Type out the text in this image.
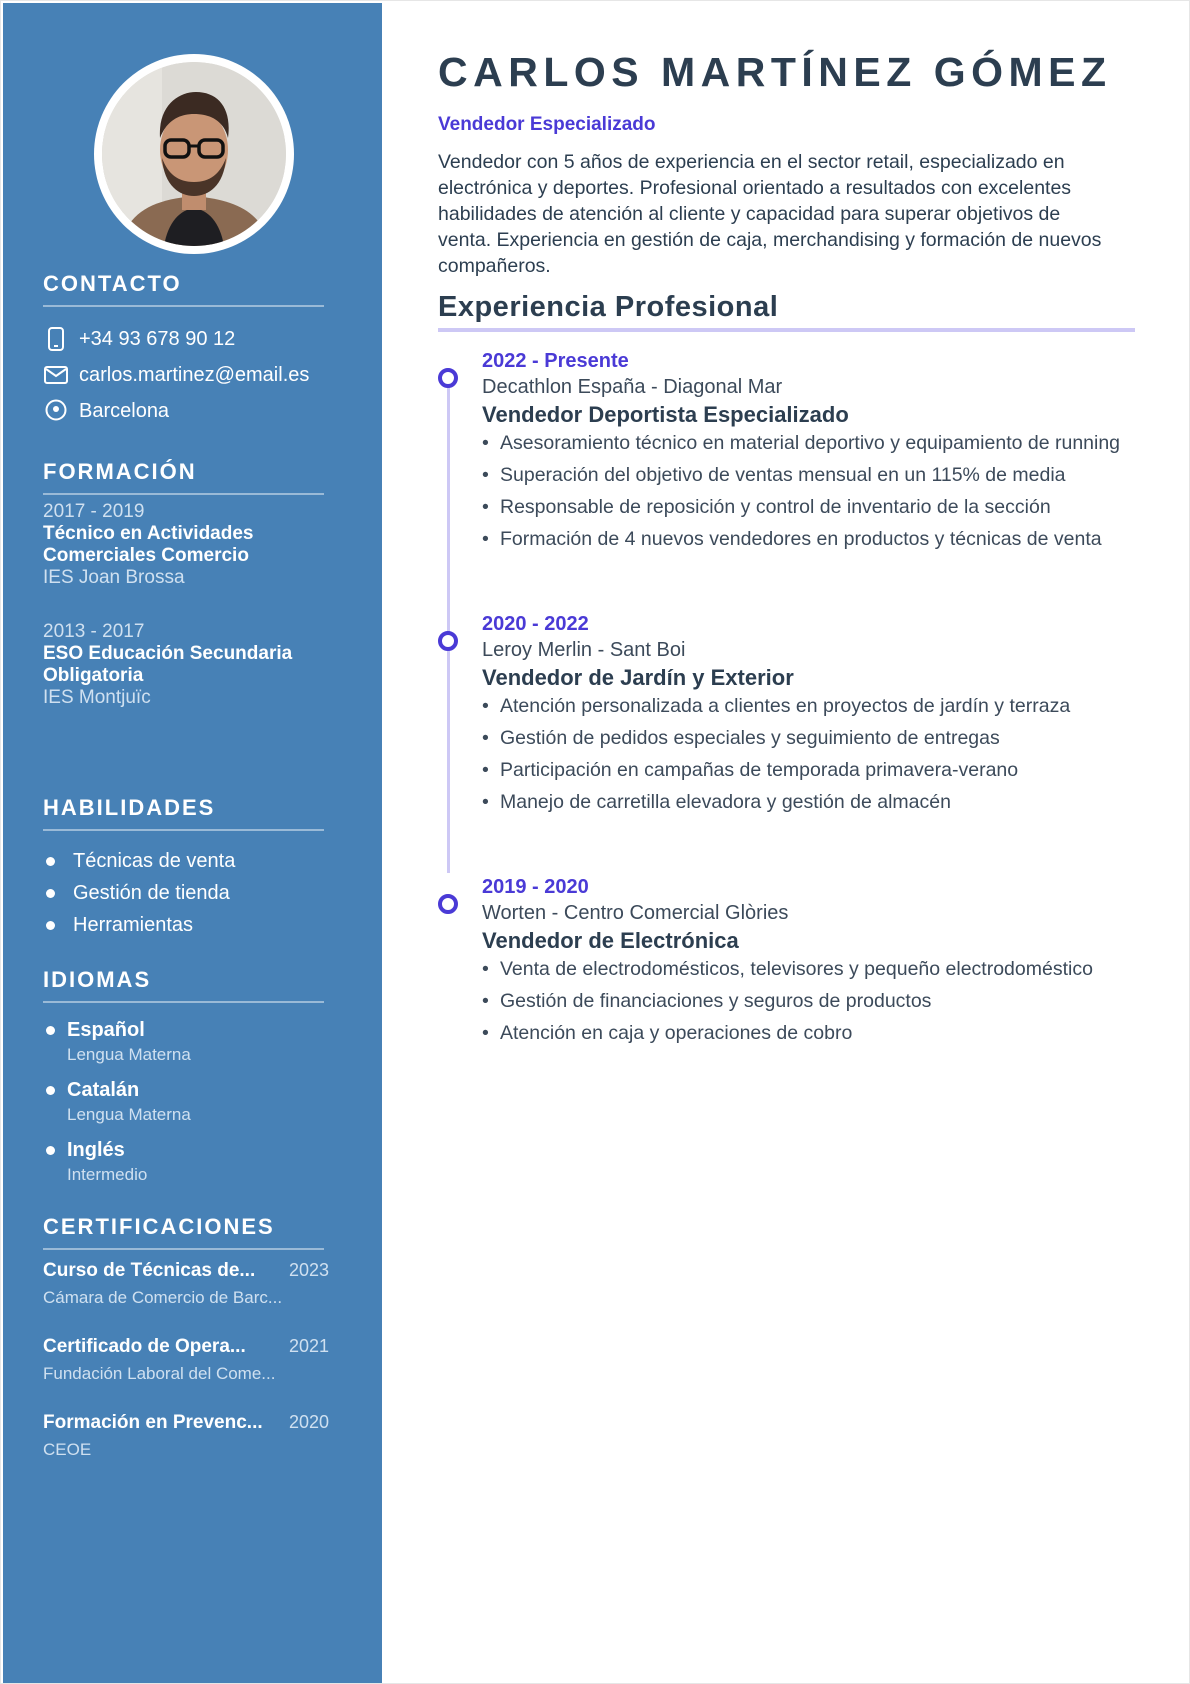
CONTACTO
+34 93 678 90 12
carlos.martinez@email.es
Barcelona
FORMACIÓN
2017 - 2019
Técnico en Actividades Comerciales Comercio
IES Joan Brossa
2013 - 2017
ESO Educación Secundaria Obligatoria
IES Montjuïc
HABILIDADES
Técnicas de venta
Gestión de tienda
Herramientas
IDIOMAS
Español
Lengua Materna
Catalán
Lengua Materna
Inglés
Intermedio
CERTIFICACIONES
Curso de Técnicas de... 2023
Cámara de Comercio de Barc...
Certificado de Opera... 2021
Fundación Laboral del Come...
Formación en Prevenc... 2020
CEOE
CARLOS MARTÍNEZ GÓMEZ
Vendedor Especializado

Vendedor con 5 años de experiencia en el sector retail, especializado en electrónica y deportes. Profesional orientado a resultados con excelentes habilidades de atención al cliente y capacidad para superar objetivos de venta. Experiencia en gestión de caja, merchandising y formación de nuevos compañeros.

Experiencia Profesional
2022 - Presente
Decathlon España - Diagonal Mar
Vendedor Deportista Especializado
• Asesoramiento técnico en material deportivo y equipamiento de running
• Superación del objetivo de ventas mensual en un 115% de media
• Responsable de reposición y control de inventario de la sección
• Formación de 4 nuevos vendedores en productos y técnicas de venta
2020 - 2022
Leroy Merlin - Sant Boi
Vendedor de Jardín y Exterior
• Atención personalizada a clientes en proyectos de jardín y terraza
• Gestión de pedidos especiales y seguimiento de entregas
• Participación en campañas de temporada primavera-verano
• Manejo de carretilla elevadora y gestión de almacén
2019 - 2020
Worten - Centro Comercial Glòries
Vendedor de Electrónica
• Venta de electrodomésticos, televisores y pequeño electrodoméstico
• Gestión de financiaciones y seguros de productos
• Atención en caja y operaciones de cobro
